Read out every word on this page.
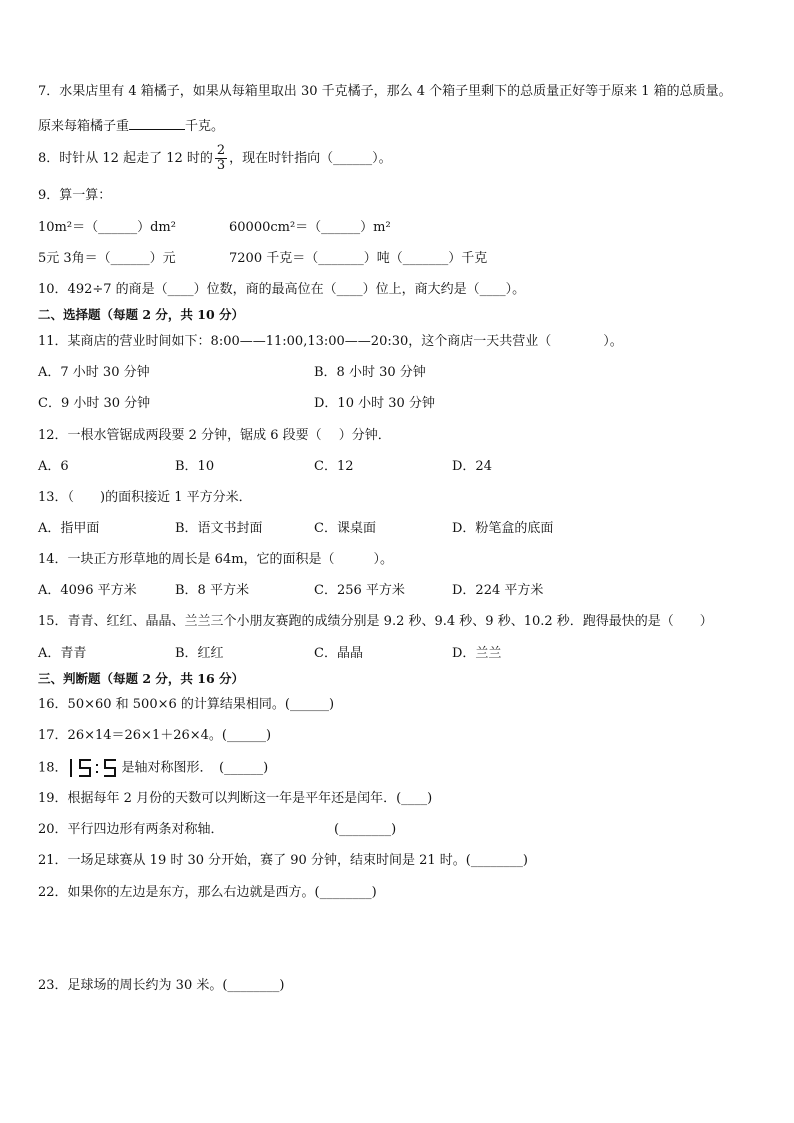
7．水果店里有 4 箱橘子，如果从每箱里取出 30 千克橘子，那么 4 个箱子里剩下的总质量正好等于原来 1 箱的总质量。
原来每箱橘子重	千克。
8．时针从 12 起走了 12 时的 $\frac{2}{3}$ ，现在时针指向（______）。
9．算一算：
10m²＝（______）dm²	60000cm²＝（______）m²
5元 3角＝（______）元	7200 千克＝（_______）吨（_______）千克
10．492÷7 的商是（____）位数，商的最高位在（____）位上，商大约是（____）。
二、选择题（每题 2 分，共 10 分）
11．某商店的营业时间如下：8:00——11:00,13:00——20:30，这个商店一天共营业（　　　　）。
A．7 小时 30 分钟	B．8 小时 30 分钟
C．9 小时 30 分钟	D．10 小时 30 分钟
12．一根水管锯成两段要 2 分钟，锯成 6 段要（　 ）分钟．
A．6	B．10	C．12	D．24
13．（　　)的面积接近 1 平方分米．
A．指甲面	B．语文书封面	C．课桌面	D．粉笔盒的底面
14．一块正方形草地的周长是 64m，它的面积是（　　　）。
A．4096 平方米	B．8 平方米	C．256 平方米	D．224 平方米
15．青青、红红、晶晶、兰兰三个小朋友赛跑的成绩分别是 9.2 秒、9.4 秒、9 秒、10.2 秒．跑得最快的是（　　）
A．青青	B．红红	C．晶晶	D．兰兰
三、判断题（每题 2 分，共 16 分）
16．50×60 和 500×6 的计算结果相同。(______)
17．26×14＝26×1＋26×4。(______)
18．	是轴对称图形．　(______)
19．根据每年 2 月份的天数可以判断这一年是平年还是闰年．(____)
20．平行四边形有两条对称轴．　　　　　　　　　(________)
21．一场足球赛从 19 时 30 分开始，赛了 90 分钟，结束时间是 21 时。(________)
22．如果你的左边是东方，那么右边就是西方。(________)
23．足球场的周长约为 30 米。(________)
